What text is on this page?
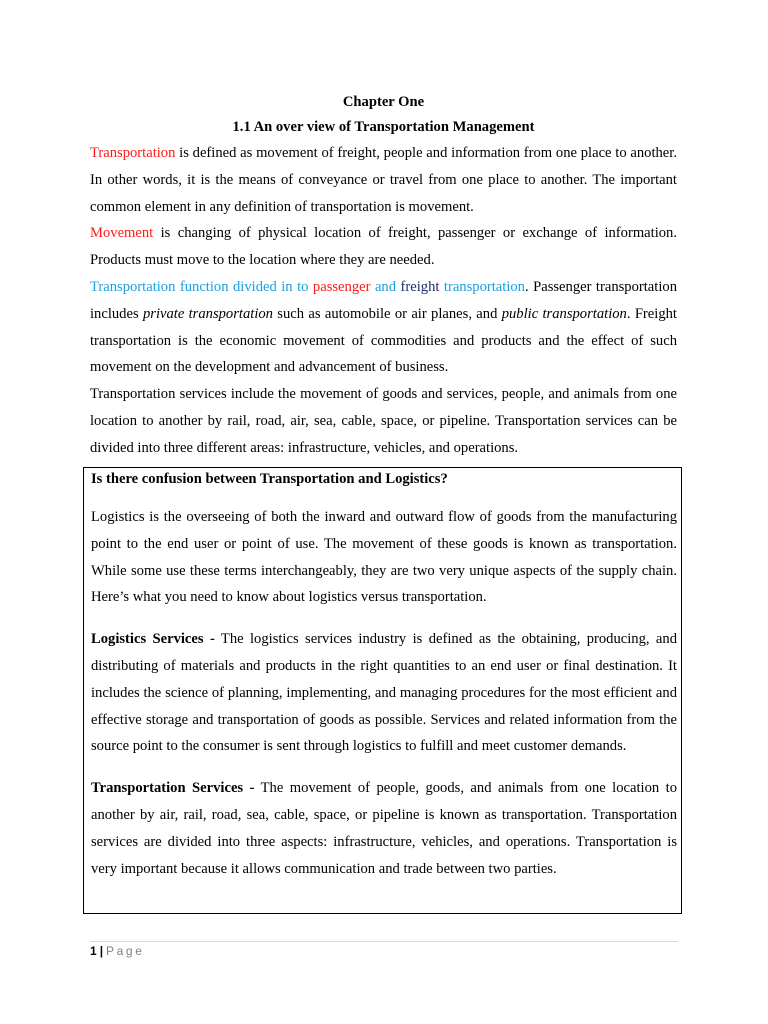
Chapter One

1.1 An over view of Transportation Management

Transportation is defined as movement of freight, people and information from one place to another. In other words, it is the means of conveyance or travel from one place to another. The important common element in any definition of transportation is movement.

Movement is changing of physical location of freight, passenger or exchange of information. Products must move to the location where they are needed.

Transportation function divided in to passenger and freight transportation. Passenger transportation includes private transportation such as automobile or air planes, and public transportation. Freight transportation is the economic movement of commodities and products and the effect of such movement on the development and advancement of business.

Transportation services include the movement of goods and services, people, and animals from one location to another by rail, road, air, sea, cable, space, or pipeline. Transportation services can be divided into three different areas: infrastructure, vehicles, and operations.

Is there confusion between Transportation and Logistics?

Logistics is the overseeing of both the inward and outward flow of goods from the manufacturing point to the end user or point of use. The movement of these goods is known as transportation. While some use these terms interchangeably, they are two very unique aspects of the supply chain. Here’s what you need to know about logistics versus transportation.

Logistics Services - The logistics services industry is defined as the obtaining, producing, and distributing of materials and products in the right quantities to an end user or final destination. It includes the science of planning, implementing, and managing procedures for the most efficient and effective storage and transportation of goods as possible. Services and related information from the source point to the consumer is sent through logistics to fulfill and meet customer demands.

Transportation Services - The movement of people, goods, and animals from one location to another by air, rail, road, sea, cable, space, or pipeline is known as transportation. Transportation services are divided into three aspects: infrastructure, vehicles, and operations. Transportation is very important because it allows communication and trade between two parties.

1 | Page
